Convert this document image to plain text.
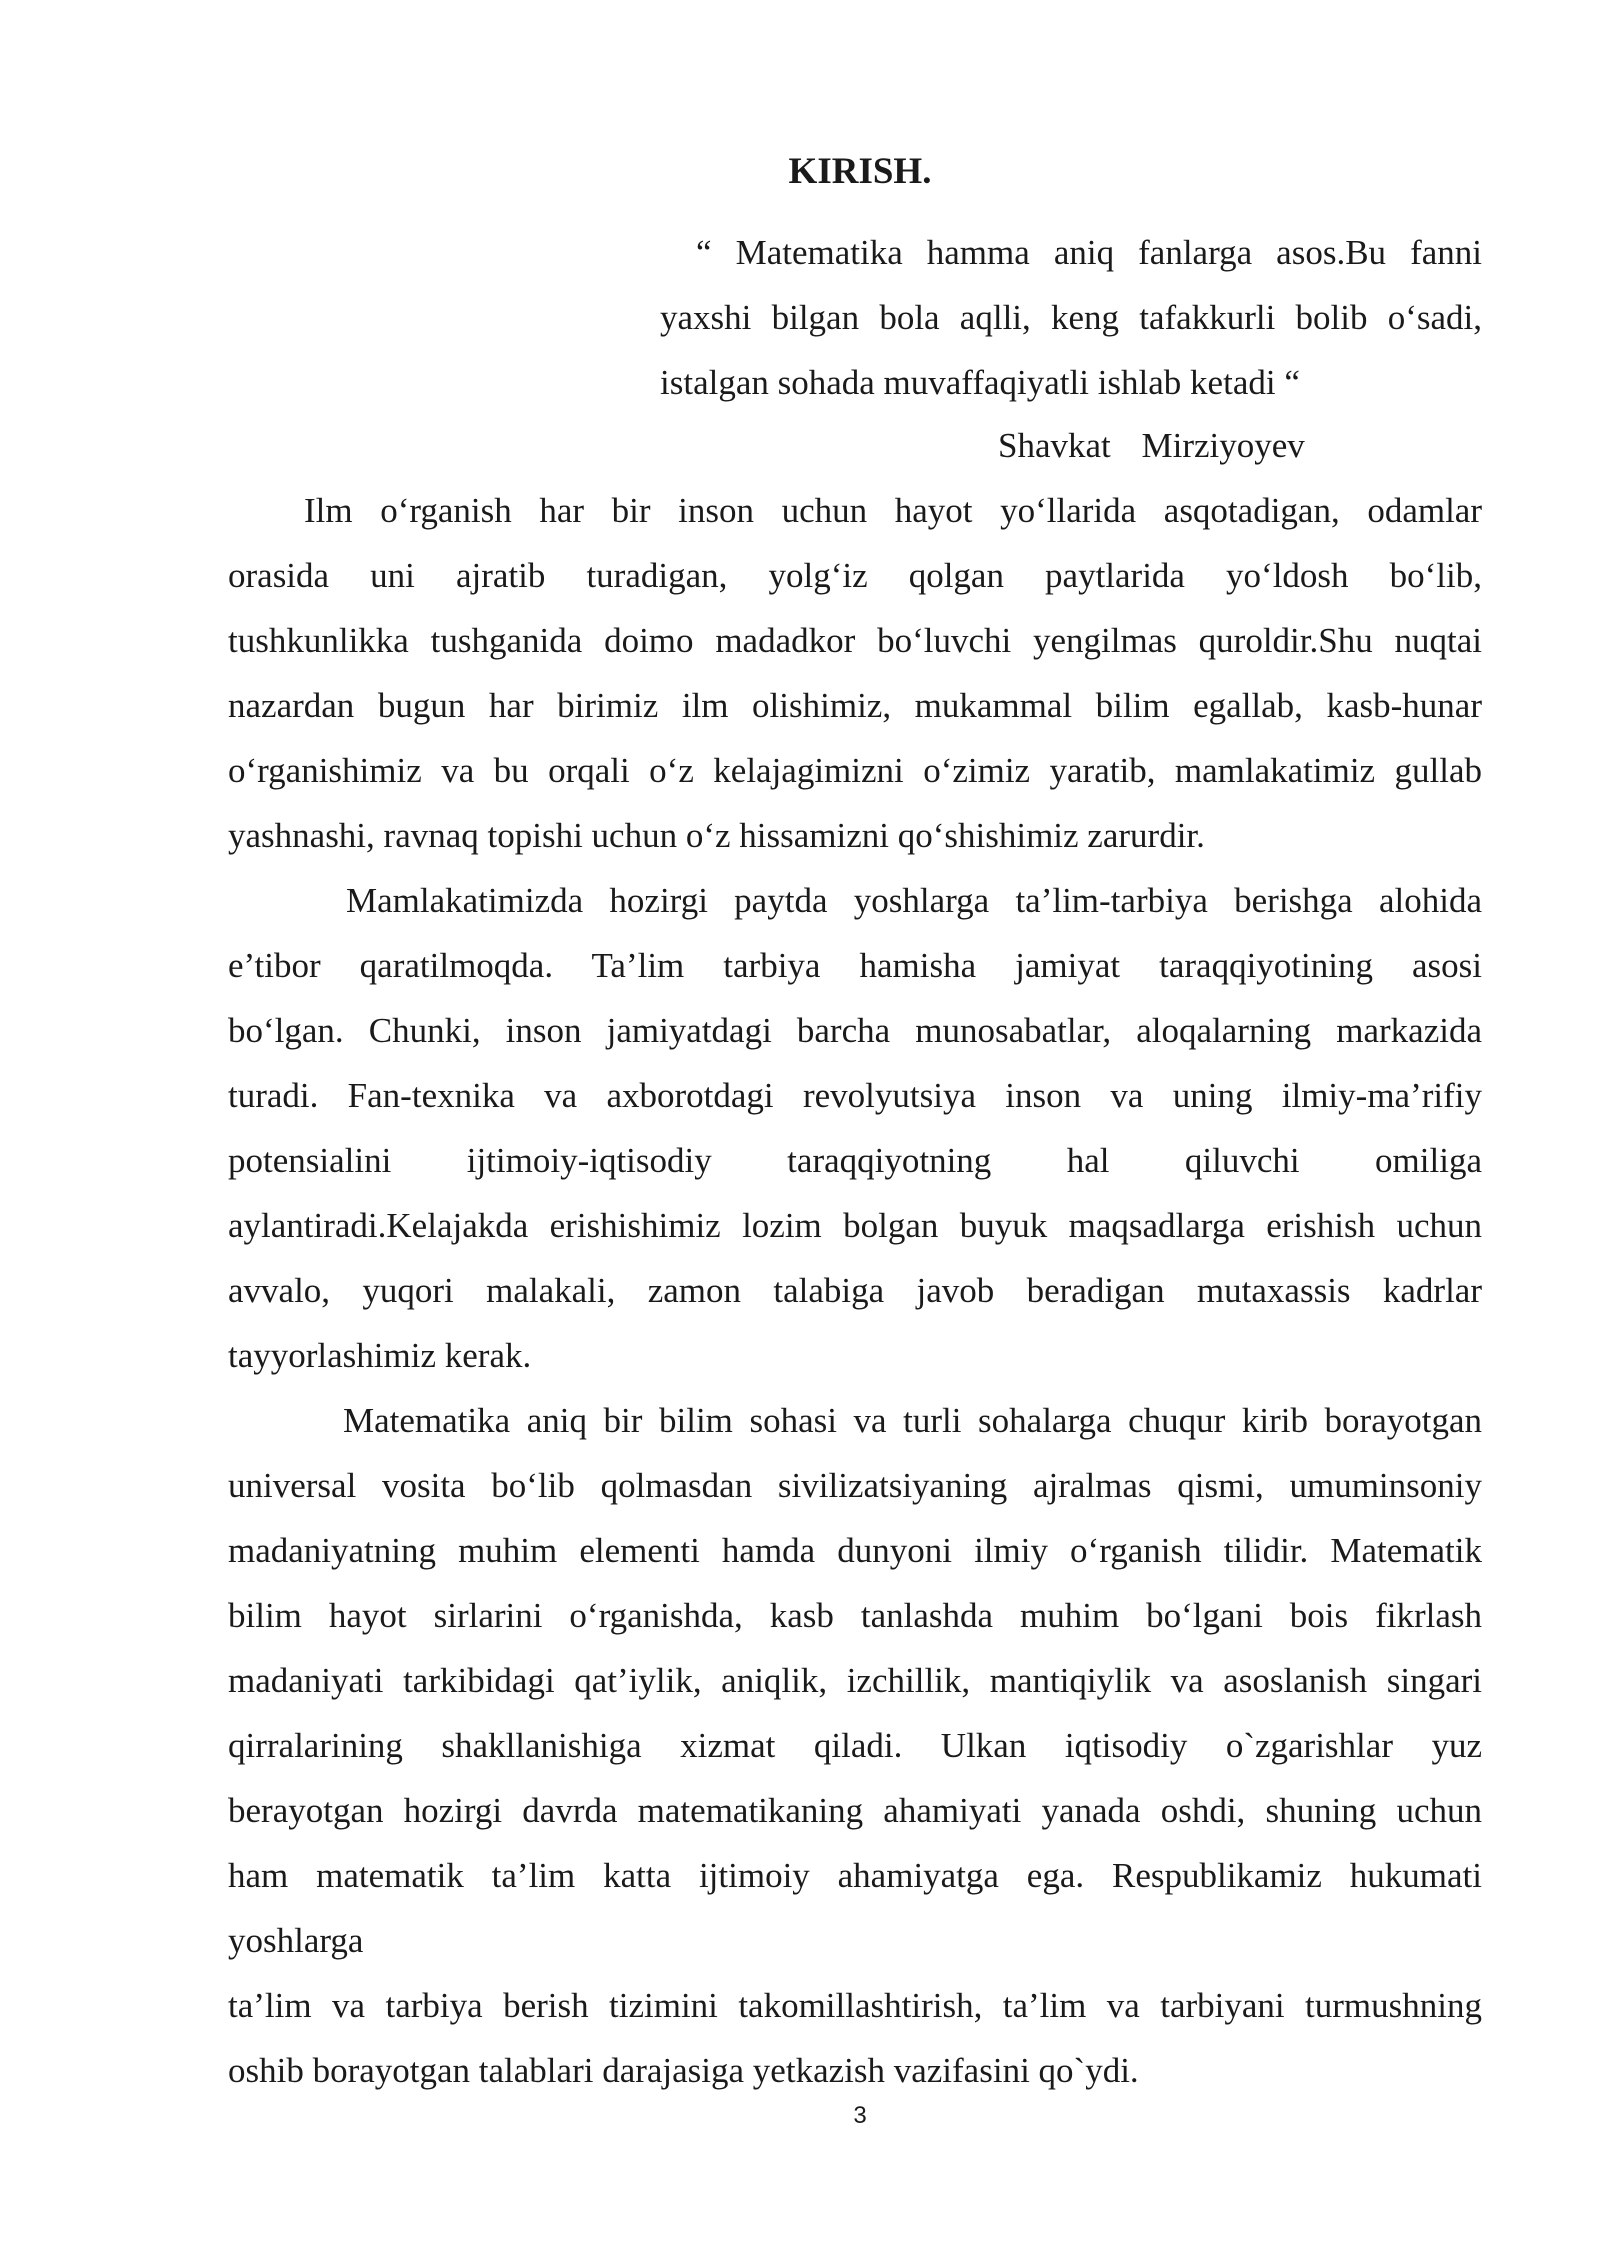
KIRISH.
“ Matematika hamma aniq fanlarga asos.Bu fanni
yaxshi bilgan bola aqlli, keng tafakkurli bolib o‘sadi,
istalgan sohada muvaffaqiyatli ishlab ketadi “
Shavkat Mirziyoyev
Ilm o‘rganish har bir inson uchun hayot yo‘llarida asqotadigan, odamlar
orasida uni ajratib turadigan, yolg‘iz qolgan paytlarida yo‘ldosh bo‘lib,
tushkunlikka tushganida doimo madadkor bo‘luvchi yengilmas quroldir.Shu nuqtai
nazardan bugun har birimiz ilm olishimiz, mukammal bilim egallab, kasb-hunar
o‘rganishimiz va bu orqali o‘z kelajagimizni o‘zimiz yaratib, mamlakatimiz gullab
yashnashi, ravnaq topishi uchun o‘z hissamizni qo‘shishimiz zarurdir.
Mamlakatimizda hozirgi paytda yoshlarga ta’lim-tarbiya berishga alohida
e’tibor qaratilmoqda. Ta’lim tarbiya hamisha jamiyat taraqqiyotining asosi
bo‘lgan. Chunki, inson jamiyatdagi barcha munosabatlar, aloqalarning markazida
turadi. Fan-texnika va axborotdagi revolyutsiya inson va uning ilmiy-ma’rifiy
potensialini ijtimoiy-iqtisodiy taraqqiyotning hal qiluvchi omiliga
aylantiradi.Kelajakda erishishimiz lozim bolgan buyuk maqsadlarga erishish uchun
avvalo, yuqori malakali, zamon talabiga javob beradigan mutaxassis kadrlar
tayyorlashimiz kerak.
Matematika aniq bir bilim sohasi va turli sohalarga chuqur kirib borayotgan
universal vosita bo‘lib qolmasdan sivilizatsiyaning ajralmas qismi, umuminsoniy
madaniyatning muhim elementi hamda dunyoni ilmiy o‘rganish tilidir. Matematik
bilim hayot sirlarini o‘rganishda, kasb tanlashda muhim bo‘lgani bois fikrlash
madaniyati tarkibidagi qat’iylik, aniqlik, izchillik, mantiqiylik va asoslanish singari
qirralarining shakllanishiga xizmat qiladi. Ulkan iqtisodiy o`zgarishlar yuz
berayotgan hozirgi davrda matematikaning ahamiyati yanada oshdi, shuning uchun
ham matematik ta’lim katta ijtimoiy ahamiyatga ega. Respublikamiz hukumati
yoshlarga
ta’lim va tarbiya berish tizimini takomillashtirish, ta’lim va tarbiyani turmushning
oshib borayotgan talablari darajasiga yetkazish vazifasini qo`ydi.
3
